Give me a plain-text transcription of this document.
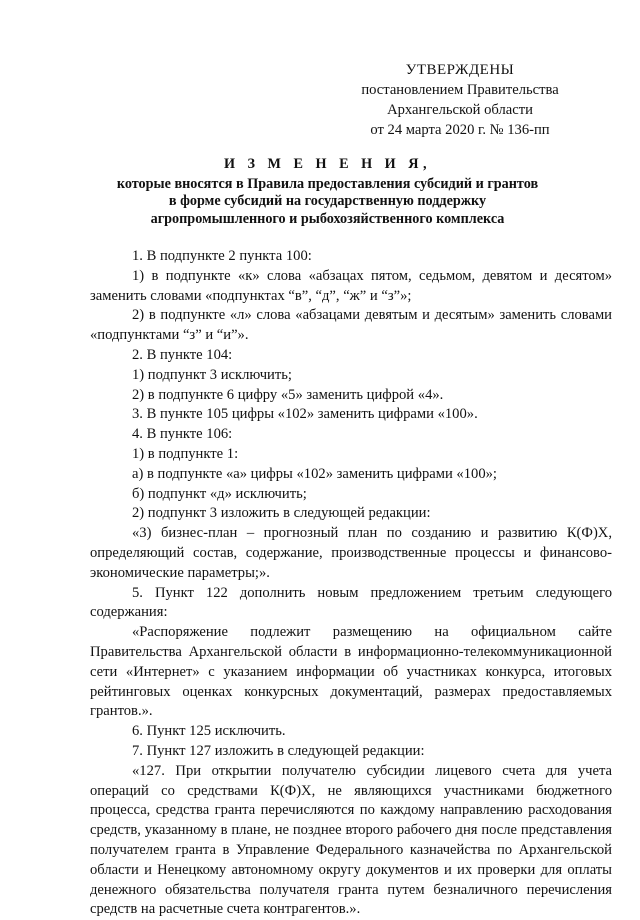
УТВЕРЖДЕНЫ
постановлением Правительства
Архангельской области
от 24 марта 2020 г. № 136-пп
И З М Е Н Е Н И Я,
которые вносятся в Правила предоставления субсидий и грантов
в форме субсидий на государственную поддержку
агропромышленного и рыбохозяйственного комплекса

1. В подпункте 2 пункта 100:

1) в подпункте «к» слова «абзацах пятом, седьмом, девятом и десятом» заменить словами «подпунктах “в”, “д”, “ж” и “з”»;

2) в подпункте «л» слова «абзацами девятым и десятым» заменить словами «подпунктами “з” и “и”».

2. В пункте 104:

1) подпункт 3 исключить;

2) в подпункте 6 цифру «5» заменить цифрой «4».

3. В пункте 105 цифры «102» заменить цифрами «100».

4. В пункте 106:

1) в подпункте 1:

а) в подпункте «а» цифры «102» заменить цифрами «100»;

б) подпункт «д» исключить;

2) подпункт 3 изложить в следующей редакции:

«3) бизнес-план – прогнозный план по созданию и развитию К(Ф)Х, определяющий состав, содержание, производственные процессы и финансово-экономические параметры;».

5. Пункт 122 дополнить новым предложением третьим следующего содержания:

«Распоряжение подлежит размещению на официальном сайте Правительства Архангельской области в информационно-телекоммуникационной сети «Интернет» с указанием информации об участниках конкурса, итоговых рейтинговых оценках конкурсных документаций, размерах предоставляемых грантов.».

6. Пункт 125 исключить.

7. Пункт 127 изложить в следующей редакции:

«127. При открытии получателю субсидии лицевого счета для учета операций со средствами К(Ф)Х, не являющихся участниками бюджетного процесса, средства гранта перечисляются по каждому направлению расходования средств, указанному в плане, не позднее второго рабочего дня после представления получателем гранта в Управление Федерального казначейства по Архангельской области и Ненецкому автономному округу документов и их проверки для оплаты денежного обязательства получателя гранта путем безналичного перечисления средств на расчетные счета контрагентов.».
